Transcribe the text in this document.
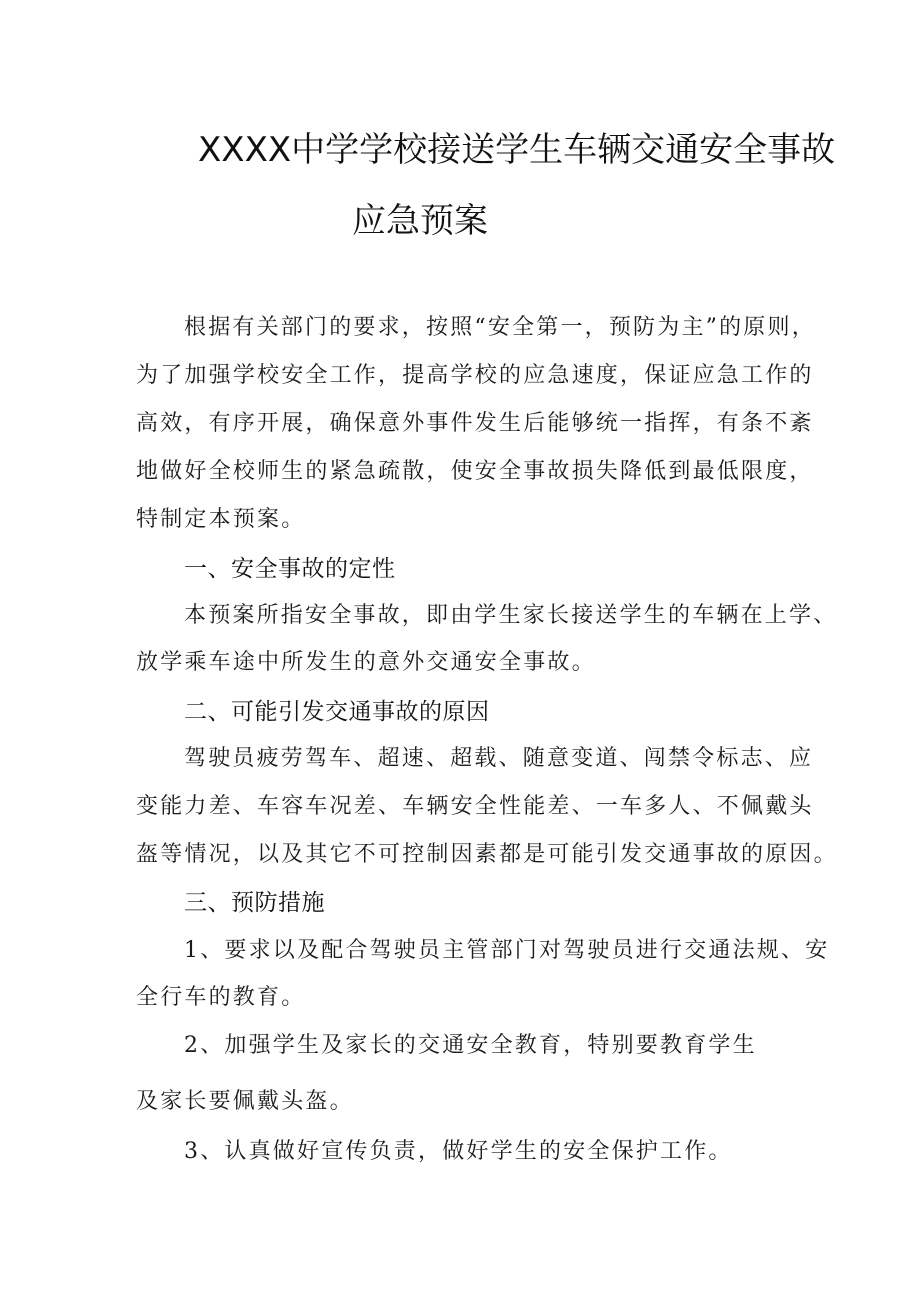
XXXX中学学校接送学生车辆交通安全事故
应急预案
根据有关部门的要求，按照“安全第一，预防为主”的原则，
为了加强学校安全工作，提高学校的应急速度，保证应急工作的
高效，有序开展，确保意外事件发生后能够统一指挥，有条不紊
地做好全校师生的紧急疏散，使安全事故损失降低到最低限度，
特制定本预案。
一、安全事故的定性
本预案所指安全事故，即由学生家长接送学生的车辆在上学、
放学乘车途中所发生的意外交通安全事故。
二、可能引发交通事故的原因
驾驶员疲劳驾车、超速、超载、随意变道、闯禁令标志、应
变能力差、车容车况差、车辆安全性能差、一车多人、不佩戴头
盔等情况，以及其它不可控制因素都是可能引发交通事故的原因。
三、预防措施
1、要求以及配合驾驶员主管部门对驾驶员进行交通法规、安
全行车的教育。
2、加强学生及家长的交通安全教育，特别要教育学生
及家长要佩戴头盔。
3、认真做好宣传负责，做好学生的安全保护工作。
